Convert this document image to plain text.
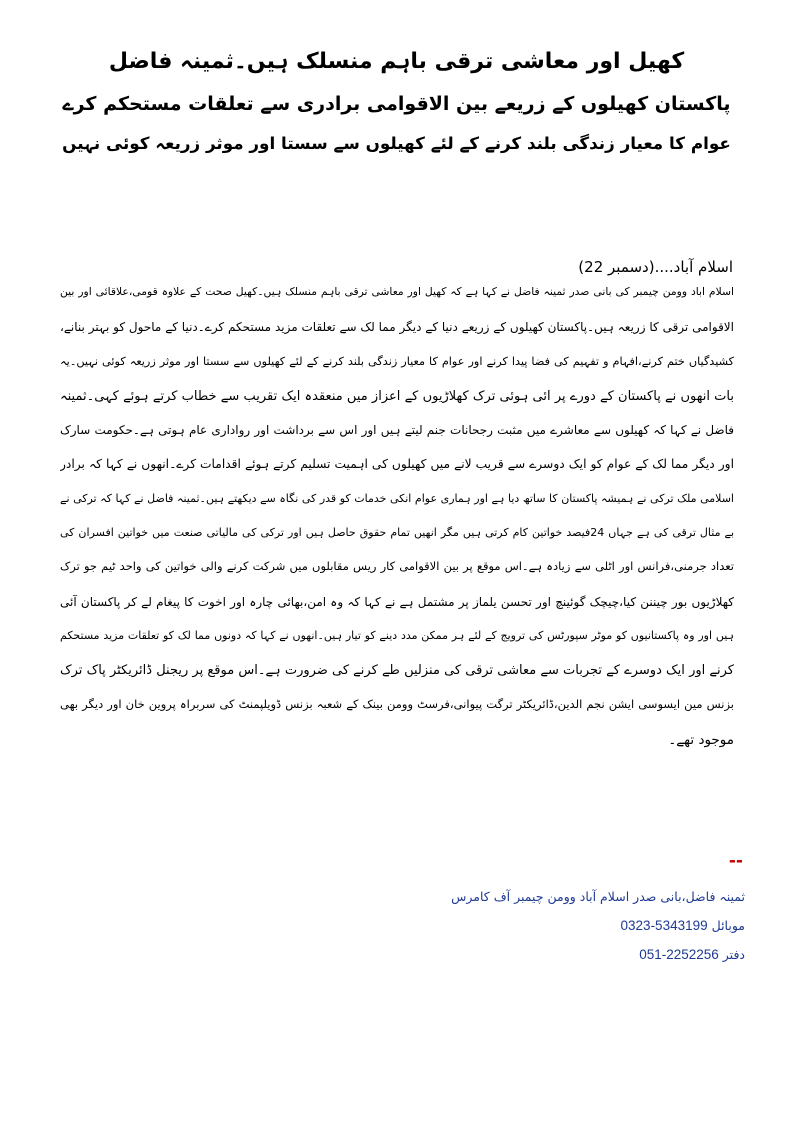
کھیل اور معاشی ترقی باہم منسلک ہیں۔ثمینہ فاضل
پاکستان کھیلوں کے زریعے بین الاقوامی برادری سے تعلقات مستحکم کرے
عوام کا معیار زندگی بلند کرنے کے لئے کھیلوں سے سستا اور موثر زریعہ کوئی نہیں
اسلام آباد....(دسمبر 22)
اسلام آباد وومن چیمبر کی بانی صدر ثمینہ فاضل نے کہا ہے کہ کھیل اور معاشی ترقی باہم منسلک ہیں۔کھیل صحت کے علاوہ قومی،علاقائی اور بین
الاقوامی ترقی کا زریعہ ہیں۔پاکستان کھیلوں کے زریعے دنیا کے دیگر مما لک سے تعلقات مزید مستحکم کرے۔دنیا کے ماحول کو بہتر بنانے،
کشیدگیاں ختم کرنے،افہام و تفہیم کی فضا پیدا کرنے اور عوام کا معیار زندگی بلند کرنے کے لئے کھیلوں سے سستا اور موثر زریعہ کوئی نہیں۔یہ
بات انھوں نے پاکستان کے دورے پر آئی ہوئی ترک کھلاڑیوں کے اعزاز میں منعقدہ ایک تقریب سے خطاب کرتے ہوئے کہی۔ثمینہ
فاضل نے کہا کہ کھیلوں سے معاشرے میں مثبت رجحانات جنم لیتے ہیں اور اس سے برداشت اور رواداری عام ہوتی ہے۔حکومت سارک
اور دیگر مما لک کے عوام کو ایک دوسرے سے قریب لانے میں کھیلوں کی اہمیت تسلیم کرتے ہوئے اقدامات کرے۔انھوں نے کہا کہ برادر
اسلامی ملک ترکی نے ہمیشہ پاکستان کا ساتھ دیا ہے اور ہماری عوام انکی خدمات کو قدر کی نگاہ سے دیکھتے ہیں۔ثمینہ فاضل نے کہا کہ ترکی نے
بے مثال ترقی کی ہے جہاں 24فیصد خواتین کام کرتی ہیں مگر انھیں تمام حقوق حاصل ہیں اور ترکی کی مالیاتی صنعت میں خواتین افسران کی
تعداد جرمنی،فرانس اور اٹلی سے زیادہ ہے۔اس موقع پر بین الاقوامی کار ریس مقابلوں میں شرکت کرنے والی خواتین کی واحد ٹیم جو ترک
کھلاڑیوں بور چیننن کیا،چیچک گوئینچ اور تحسن یلماز پر مشتمل ہے نے کہا کہ وہ امن،بھائی چارہ اور اخوت کا پیغام لے کر پاکستان آئی
ہیں اور وہ پاکستانیوں کو موٹر سپورٹس کی ترویج کے لئے ہر ممکن مدد دینے کو تیار ہیں۔انھوں نے کہا کہ دونوں مما لک کو تعلقات مزید مستحکم
کرنے اور ایک دوسرے کے تجربات سے معاشی ترقی کی منزلیں طے کرنے کی ضرورت ہے۔اس موقع پر ریجنل ڈائریکٹر پاک ترک
بزنس مین ایسوسی ایشن نجم الدین،ڈائریکٹر ترگت پیوانی،فرسٹ وومن بینک کے شعبہ بزنس ڈویلپمنٹ کی سربراہ پروین خان اور دیگر بھی
موجود تھے۔
--
ثمینہ فاضل،بانی صدر اسلام آباد وومن چیمبر آف کامرس
موبائل 0323-5343199
دفتر 051-2252256
